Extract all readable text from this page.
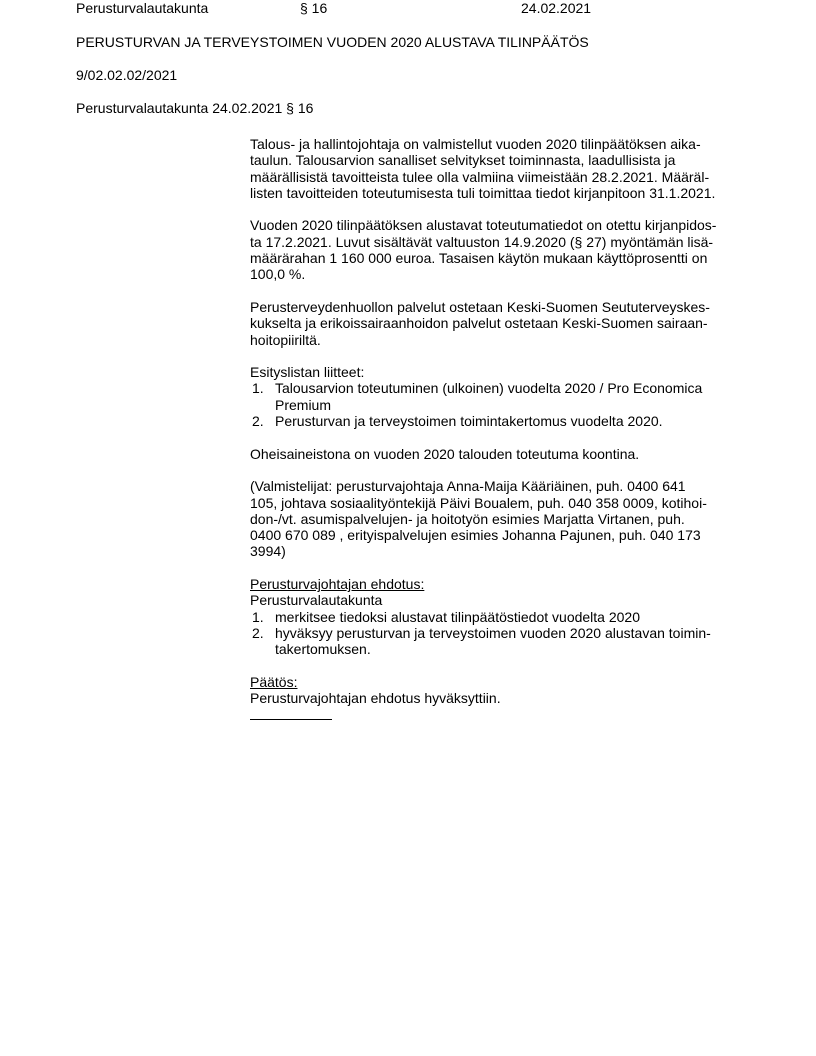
Perusturvalautakunta	§ 16	24.02.2021
PERUSTURVAN JA TERVEYSTOIMEN VUODEN 2020 ALUSTAVA TILINPÄÄTÖS
9/02.02.02/2021
Perusturvalautakunta 24.02.2021 § 16

Talous- ja hallintojohtaja on valmistellut vuoden 2020 tilinpäätöksen aika-
taulun. Talousarvion sanalliset selvitykset toiminnasta, laadullisista ja
määrällisistä tavoitteista tulee olla valmiina viimeistään 28.2.2021. Määräl-
listen tavoitteiden toteutumisesta tuli toimittaa tiedot kirjanpitoon 31.1.2021.

Vuoden 2020 tilinpäätöksen alustavat toteutumatiedot on otettu kirjanpidos-
ta 17.2.2021. Luvut sisältävät valtuuston 14.9.2020 (§ 27) myöntämän lisä-
määrärahan 1 160 000 euroa. Tasaisen käytön mukaan käyttöprosentti on
100,0 %.

Perusterveydenhuollon palvelut ostetaan Keski-Suomen Seututerveyskes-
kukselta ja erikoissairaanhoidon palvelut ostetaan Keski-Suomen sairaan-
hoitopiiriltä.

Esityslistan liitteet:
1. Talousarvion toteutuminen (ulkoinen) vuodelta 2020 / Pro Economica
Premium
2. Perusturvan ja terveystoimen toimintakertomus vuodelta 2020.

Oheisaineistona on vuoden 2020 talouden toteutuma koontina.

(Valmistelijat: perusturvajohtaja Anna-Maija Kääriäinen, puh. 0400 641
105, johtava sosiaalityöntekijä Päivi Boualem, puh. 040 358 0009, kotihoi-
don-/vt. asumispalvelujen- ja hoitotyön esimies Marjatta Virtanen, puh.
0400 670 089 , erityispalvelujen esimies Johanna Pajunen, puh. 040 173
3994)

Perusturvajohtajan ehdotus:
Perusturvalautakunta
1. merkitsee tiedoksi alustavat tilinpäätöstiedot vuodelta 2020
2. hyväksyy perusturvan ja terveystoimen vuoden 2020 alustavan toimin-
takertomuksen.
Päätös:
Perusturvajohtajan ehdotus hyväksyttiin.
